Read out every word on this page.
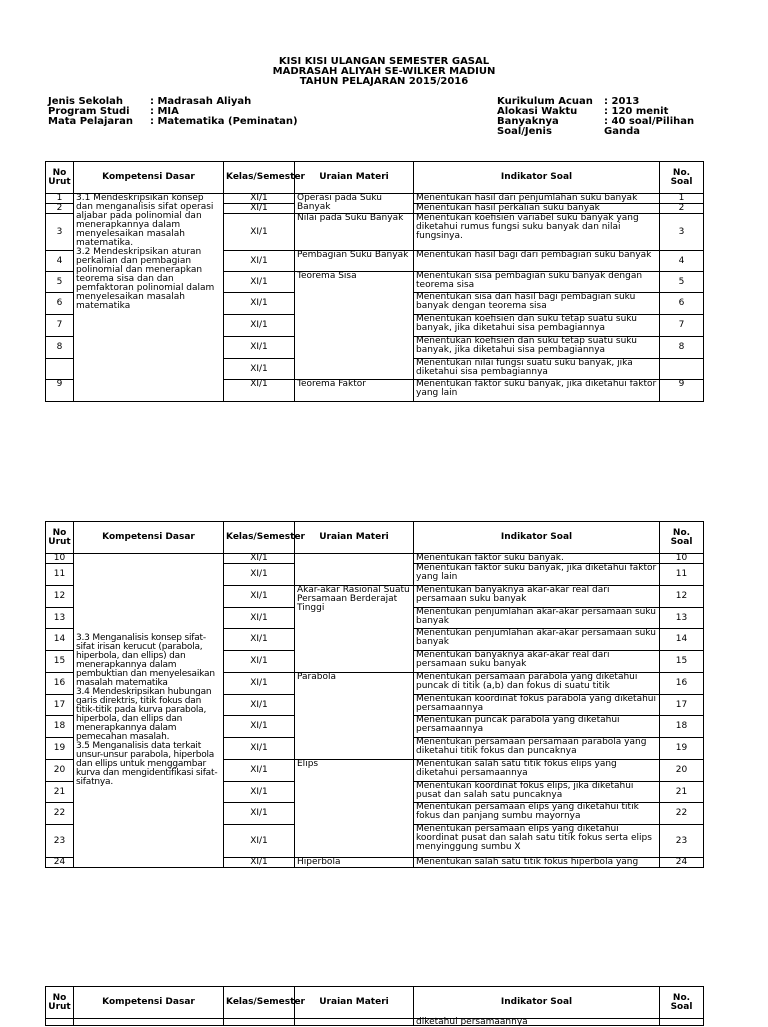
KISI KISI ULANGAN SEMESTER GASAL
MADRASAH ALIYAH SE-WILKER MADIUN
TAHUN PELAJARAN 2015/2016
Jenis Sekolah	: Madrasah Aliyah
Program Studi : MIA
Mata Pelajaran : Matematika (Peminatan)
Kurikulum Acuan : 2013
Alokasi Waktu	: 120 menit
Banyaknya	: 40 soal/Pilihan
Soal/Jenis	Ganda
No Urut	Kompetensi Dasar	Kelas/Semester	Uraian Materi	Indikator Soal	No. Soal
1	3.1 Mendeskripsikan konsep dan menganalisis sifat operasi aljabar pada polinomial dan menerapkannya dalam menyelesaikan masalah matematika.
3.2 Mendeskripsikan aturan perkalian dan pembagian polinomial dan menerapkan teorema sisa dan dan pemfaktoran polinomial dalam menyelesaikan masalah matematika	XI/1	Operasi pada Suku Banyak	Menentukan hasil dari penjumlahan suku banyak	1
2		XI/1		Menentukan hasil perkalian suku banyak	2
3		XI/1	Nilai pada Suku Banyak	Menentukan koefisien variabel suku banyak yang diketahui rumus fungsi suku banyak dan nilai fungsinya.	3
4		XI/1	Pembagian Suku Banyak	Menentukan hasil bagi dari pembagian suku banyak	4
5		XI/1	Teorema Sisa	Menentukan sisa pembagian suku banyak dengan teorema sisa	5
6		XI/1		Menentukan sisa dan hasil bagi pembagian suku banyak dengan teorema sisa	6
7		XI/1		Menentukan koefisien dan suku tetap suatu suku banyak, jika diketahui sisa pembagiannya	7
8		XI/1		Menentukan koefisien dan suku tetap suatu suku banyak, jika diketahui sisa pembagiannya	8
		XI/1		Menentukan nilai fungsi suatu suku banyak, jika diketahui sisa pembagiannya	
9		XI/1	Teorema Faktor	Menentukan faktor suku banyak, jika diketahui faktor yang lain	9
No Urut	Kompetensi Dasar	Kelas/Semester	Uraian Materi	Indikator Soal	No. Soal
10	3.3 Menganalisis konsep sifat- sifat irisan kerucut (parabola, hiperbola, dan ellips) dan menerapkannya dalam pembuktian dan menyelesaikan masalah matematika
3.4 Mendeskripsikan hubungan garis direktris, titik fokus dan titik-titik pada kurva parabola, hiperbola, dan ellips dan menerapkannya dalam pemecahan masalah.
3.5 Menganalisis data terkait unsur-unsur parabola, hiperbola dan ellips untuk menggambar kurva dan mengidentifikasi sifat-sifatnya.	XI/1		Menentukan faktor suku banyak.	10
11		XI/1		Menentukan faktor suku banyak, jika diketahui faktor yang lain	11
12		XI/1	Akar-akar Rasional Suatu Persamaan Berderajat Tinggi	Menentukan banyaknya akar-akar real dari persamaan suku banyak	12
13		XI/1		Menentukan penjumlahan akar-akar persamaan suku banyak	13
14		XI/1		Menentukan penjumlahan akar-akar persamaan suku banyak	14
15		XI/1		Menentukan banyaknya akar-akar real dari persamaan suku banyak	15
16		XI/1	Parabola	Menentukan persamaan parabola yang diketahui puncak di titik (a,b) dan fokus di suatu titik	16
17		XI/1		Menentukan koordinat fokus parabola yang diketahui persamaannya	17
18		XI/1		Menentukan puncak parabola yang diketahui persamaannya	18
19		XI/1		Menentukan persamaan persamaan parabola yang diketahui titik fokus dan puncaknya	19
20		XI/1	Elips	Menentukan salah satu titik fokus elips yang diketahui persamaannya	20
21		XI/1		Menentukan koordinat fokus elips, jika diketahui pusat dan salah satu puncaknya	21
22		XI/1		Menentukan persamaan elips yang diketahui titik fokus dan panjang sumbu mayornya	22
23		XI/1		Menentukan persamaan elips yang diketahui koordinat pusat dan salah satu titik fokus serta elips menyinggung sumbu X	23
24		XI/1	Hiperbola	Menentukan salah satu titik fokus hiperbola yang	24
No Urut	Kompetensi Dasar	Kelas/Semester	Uraian Materi	Indikator Soal	No. Soal
				diketahui persamaannya	
